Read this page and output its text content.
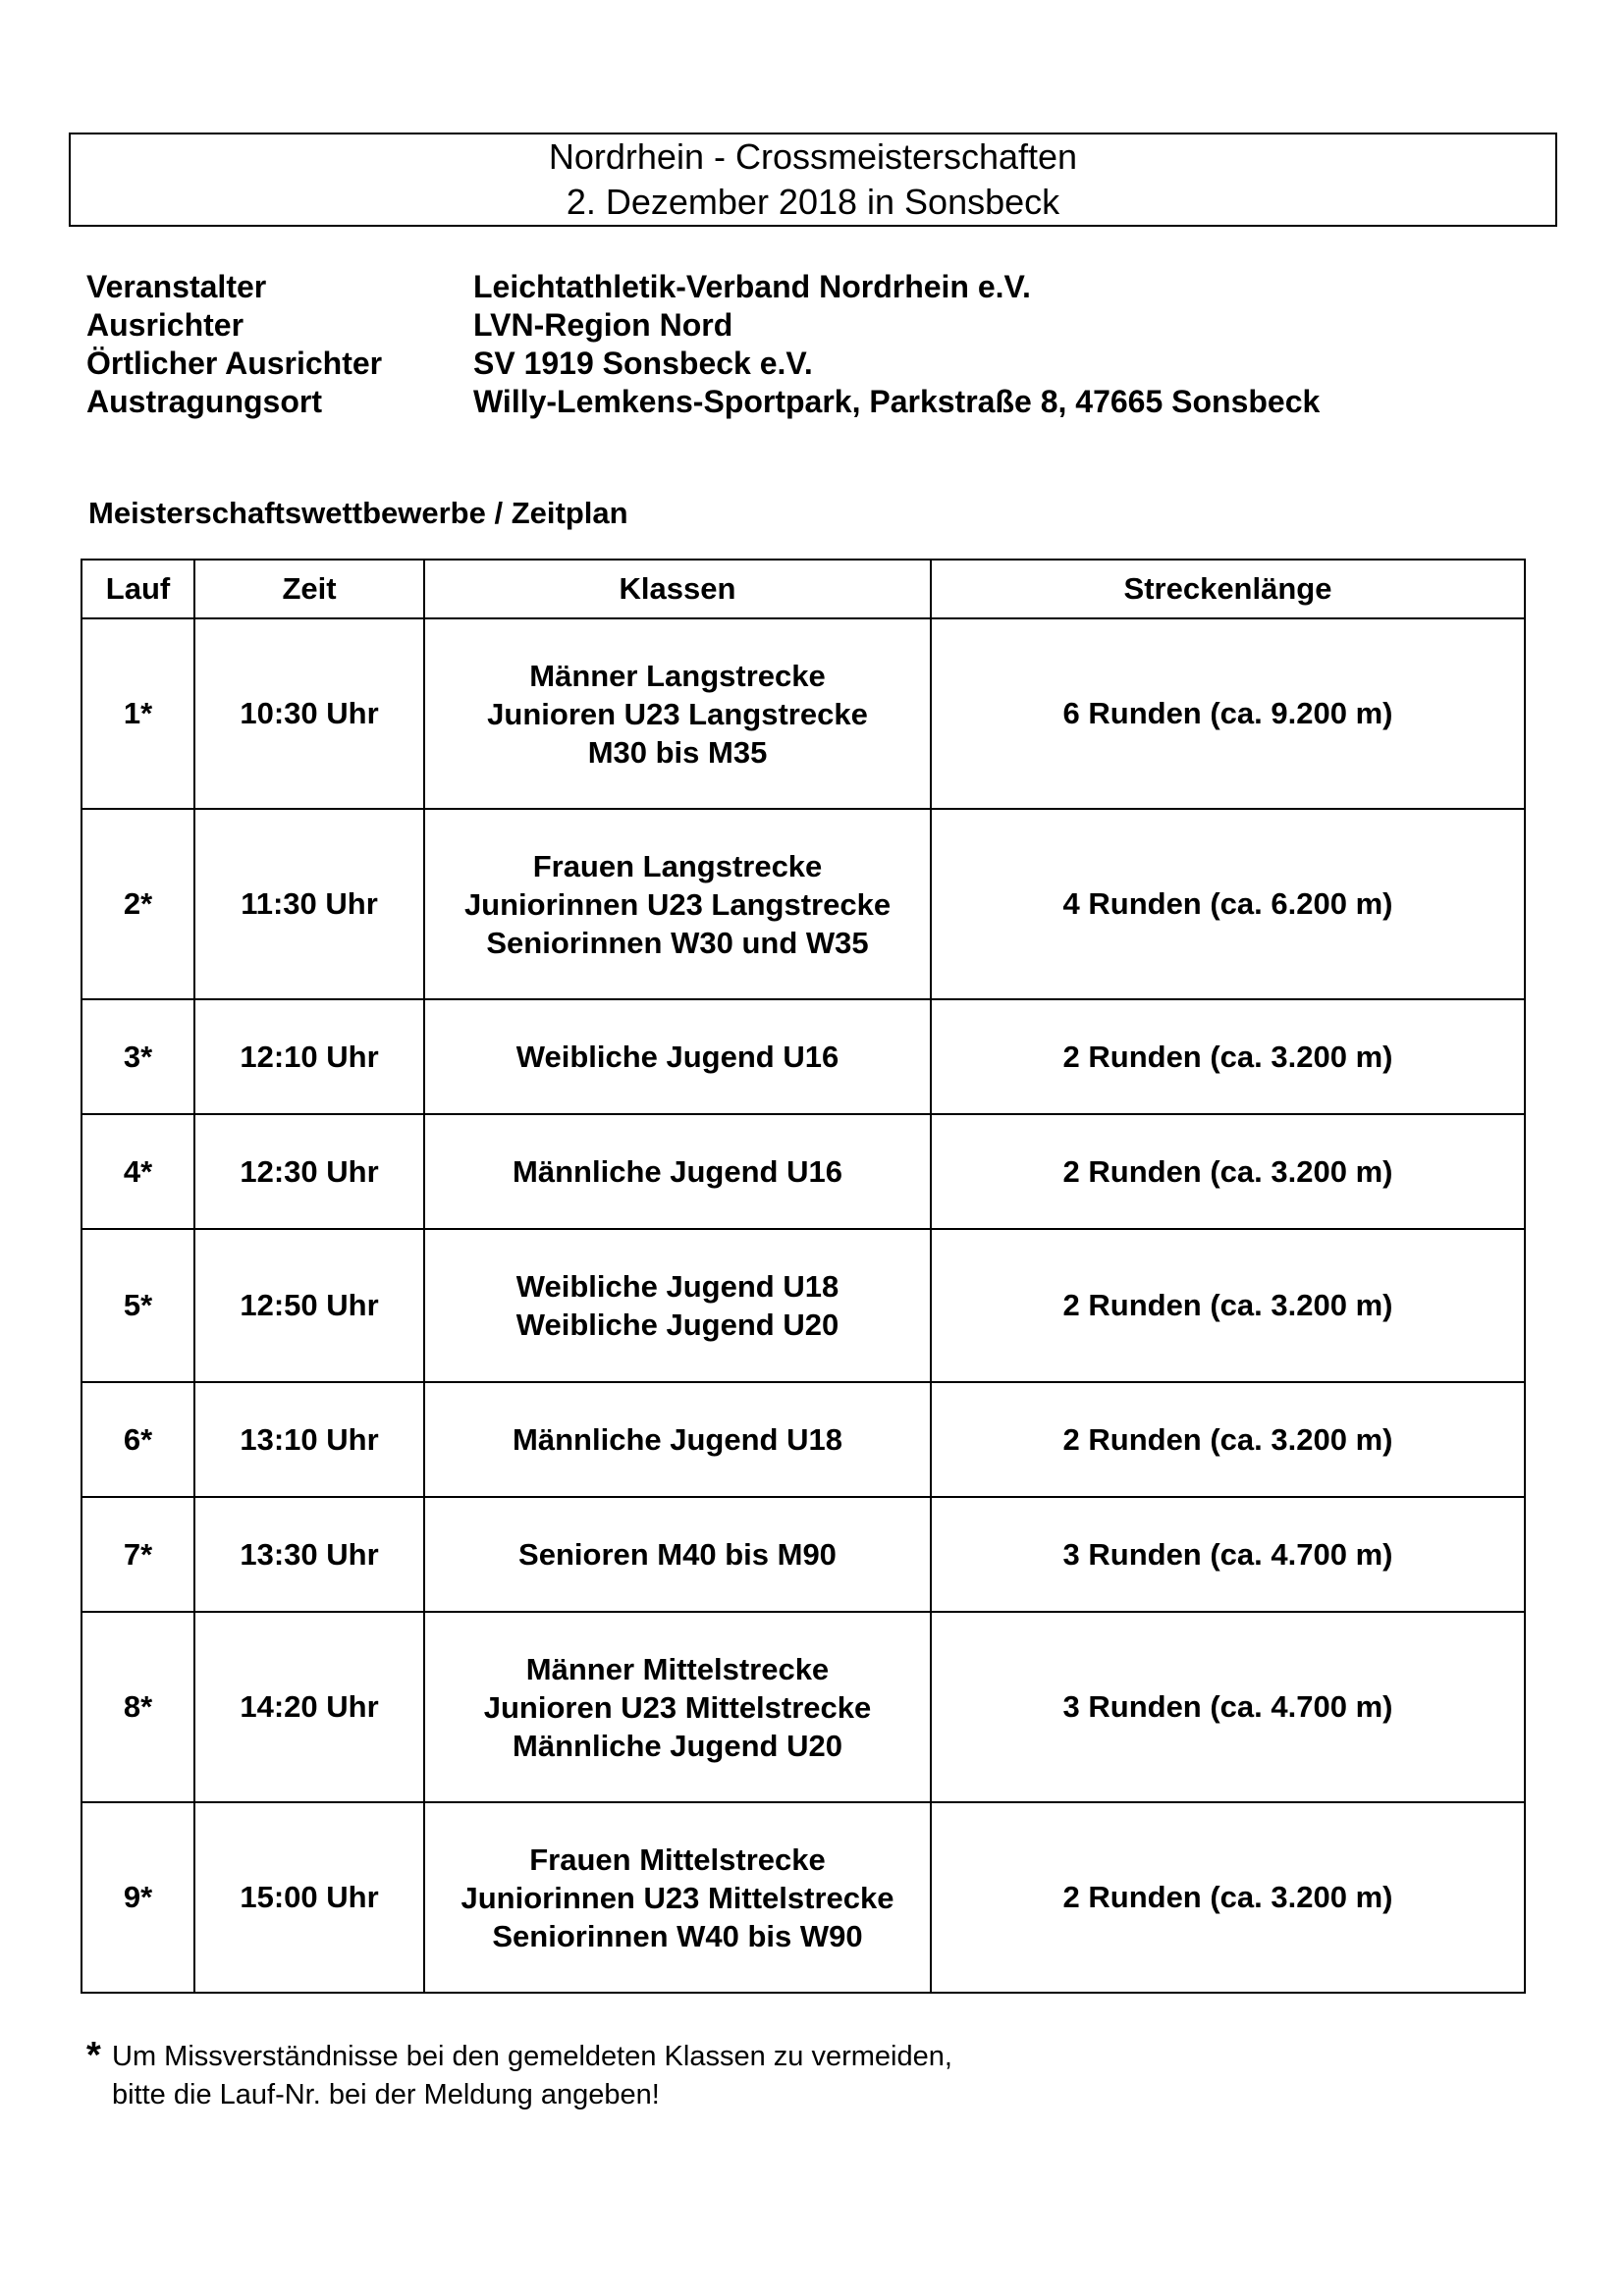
Nordrhein - Crossmeisterschaften
2. Dezember 2018 in Sonsbeck
Veranstalter	Leichtathletik-Verband Nordrhein e.V.
Ausrichter	LVN-Region Nord
Örtlicher Ausrichter	SV 1919 Sonsbeck e.V.
Austragungsort	Willy-Lemkens-Sportpark, Parkstraße 8, 47665 Sonsbeck
Meisterschaftswettbewerbe / Zeitplan
Lauf	Zeit	Klassen	Streckenlänge
1*	10:30 Uhr	Männer Langstrecke
Junioren U23 Langstrecke
M30 bis M35	6 Runden (ca. 9.200 m)
2*	11:30 Uhr	Frauen Langstrecke
Juniorinnen U23 Langstrecke
Seniorinnen W30 und W35	4 Runden (ca. 6.200 m)
3*	12:10 Uhr	Weibliche Jugend U16	2 Runden (ca. 3.200 m)
4*	12:30 Uhr	Männliche Jugend U16	2 Runden (ca. 3.200 m)
5*	12:50 Uhr	Weibliche Jugend U18
Weibliche Jugend U20	2 Runden (ca. 3.200 m)
6*	13:10 Uhr	Männliche Jugend U18	2 Runden (ca. 3.200 m)
7*	13:30 Uhr	Senioren M40 bis M90	3 Runden (ca. 4.700 m)
8*	14:20 Uhr	Männer Mittelstrecke
Junioren U23 Mittelstrecke
Männliche Jugend U20	3 Runden (ca. 4.700 m)
9*	15:00 Uhr	Frauen Mittelstrecke
Juniorinnen U23 Mittelstrecke
Seniorinnen W40 bis W90	2 Runden (ca. 3.200 m)
* Um Missverständnisse bei den gemeldeten Klassen zu vermeiden,
bitte die Lauf-Nr. bei der Meldung angeben!
